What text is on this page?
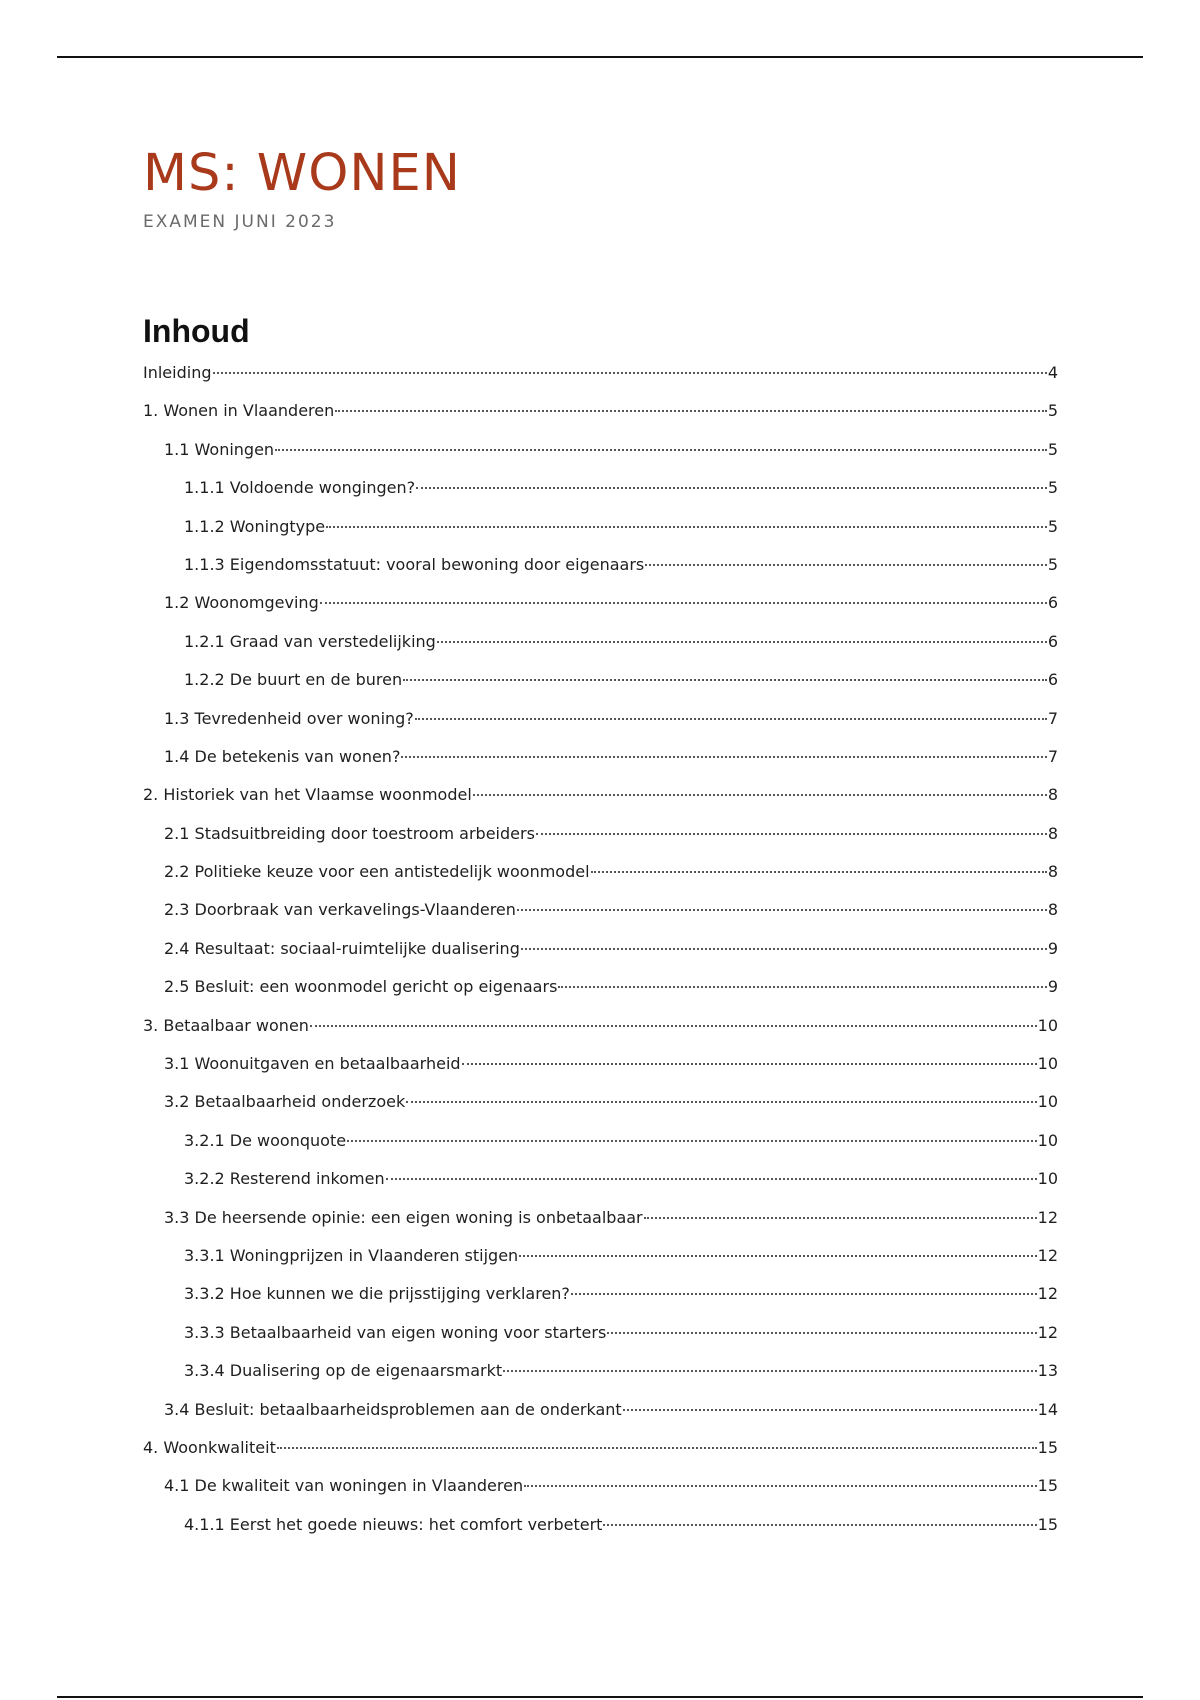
MS: WONEN
EXAMEN JUNI 2023
Inhoud
Inleiding	4
1. Wonen in Vlaanderen	5
1.1 Woningen	5
1.1.1 Voldoende wongingen?	5
1.1.2 Woningtype	5
1.1.3 Eigendomsstatuut: vooral bewoning door eigenaars	5
1.2 Woonomgeving	6
1.2.1 Graad van verstedelijking	6
1.2.2 De buurt en de buren	6
1.3 Tevredenheid over woning?	7
1.4 De betekenis van wonen?	7
2. Historiek van het Vlaamse woonmodel	8
2.1 Stadsuitbreiding door toestroom arbeiders	8
2.2 Politieke keuze voor een antistedelijk woonmodel	8
2.3 Doorbraak van verkavelings-Vlaanderen	8
2.4 Resultaat: sociaal-ruimtelijke dualisering	9
2.5 Besluit: een woonmodel gericht op eigenaars	9
3. Betaalbaar wonen	10
3.1 Woonuitgaven en betaalbaarheid	10
3.2 Betaalbaarheid onderzoek	10
3.2.1 De woonquote	10
3.2.2 Resterend inkomen	10
3.3 De heersende opinie: een eigen woning is onbetaalbaar	12
3.3.1 Woningprijzen in Vlaanderen stijgen	12
3.3.2 Hoe kunnen we die prijsstijging verklaren?	12
3.3.3 Betaalbaarheid van eigen woning voor starters	12
3.3.4 Dualisering op de eigenaarsmarkt	13
3.4 Besluit: betaalbaarheidsproblemen aan de onderkant	14
4. Woonkwaliteit	15
4.1 De kwaliteit van woningen in Vlaanderen	15
4.1.1 Eerst het goede nieuws: het comfort verbetert	15
